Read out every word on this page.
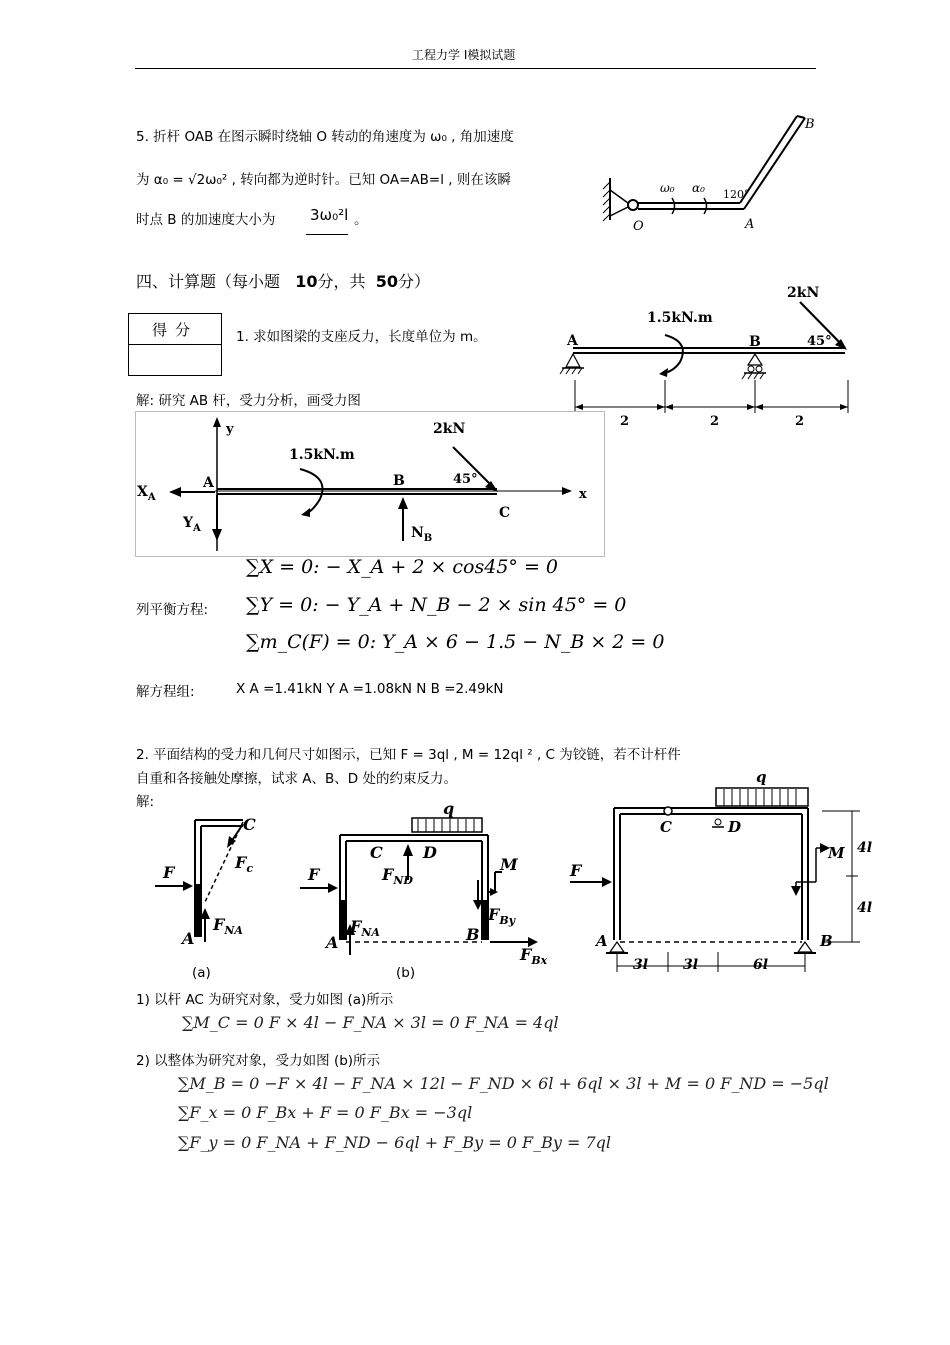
工程力学 Ⅰ模拟试题
5. 折杆 OAB 在图示瞬时绕轴 O 转动的角速度为 ω₀ , 角加速度
为 α₀ = √2ω₀² , 转向都为逆时针。已知 OA=AB=l , 则在该瞬
时点 B 的加速度大小为 3ω₀²l 。
B
O	A
ω₀ α₀ 120°
四、计算题（每小题 10分，共 50分）
得分	1. 求如图梁的支座反力，长度单位为 m。
2kN
1.5kN.m
A	B	45°
2	2	2
解: 研究 AB 杆，受力分析，画受力图
y
x
$X_A$
A
$Y_A$
1.5kN.m
B
2kN
45°
C
$N_B$
∑X = 0: − X_A + 2 × cos45° = 0
列平衡方程: ∑Y = 0: − Y_A + N_B − 2 × sin 45° = 0
∑m_C(F) = 0: Y_A × 6 − 1.5 − N_B × 2 = 0
解方程组:	X A =1.41kN Y A =1.08kN N B =2.49kN
2. 平面结构的受力和几何尺寸如图示，已知 F = 3ql , M = 12ql ² , C 为铰链，若不计杆件
自重和各接触处摩擦，试求 A、B、D 处的约束反力。
解:
C
F
$F_c$
A
$F_{NA}$
(a)
q
C	D
F	$F_{ND}$
M
$F_{NA}$
$F_{By}$
A	B
$F_{Bx}$
(b)
q
C	D
F
M 4l
4l
A	B
3l 3l	6l
1) 以杆 AC 为研究对象，受力如图 (a)所示
∑M_C = 0 F × 4l − F_NA × 3l = 0 F_NA = 4ql
2) 以整体为研究对象，受力如图 (b)所示
∑M_B = 0 −F × 4l − F_NA × 12l − F_ND × 6l + 6ql × 3l + M = 0 F_ND = −5ql
∑F_x = 0 F_Bx + F = 0 F_Bx = −3ql
∑F_y = 0 F_NA + F_ND − 6ql + F_By = 0 F_By = 7ql
